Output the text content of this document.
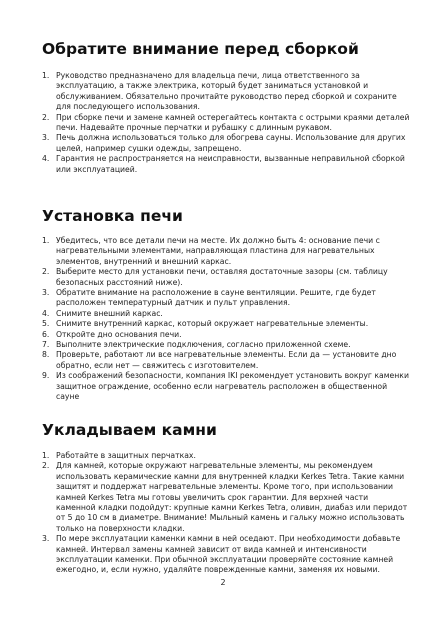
Обратите внимание перед сборкой
1. Руководство предназначено для владельца печи, лица ответственного за эксплуатацию, а также электрика, который будет заниматься установкой и обслуживанием. Обязательно прочитайте руководство перед сборкой и сохраните для последующего использования.
2. При сборке печи и замене камней остерегайтесь контакта с острыми краями деталей печи. Надевайте прочные перчатки и рубашку с длинным рукавом.
3. Печь должна использоваться только для обогрева сауны. Использование для других целей, например сушки одежды, запрещено.
4. Гарантия не распространяется на неисправности, вызванные неправильной сборкой или эксплуатацией.
Установка печи
1. Убедитесь, что все детали печи на месте. Их должно быть 4: основание печи с нагревательными элементами, направляющая пластина для нагревательных элементов, внутренний и внешний каркас.
2. Выберите место для установки печи, оставляя достаточные зазоры (см. таблицу безопасных расстояний ниже).
3. Обратите внимание на расположение в сауне вентиляции. Решите, где будет расположен температурный датчик и пульт управления.
4. Снимите внешний каркас.
5. Снимите внутренний каркас, который окружает нагревательные элементы.
6. Откройте дно основания печи.
7. Выполните электрические подключения, согласно приложенной схеме.
8. Проверьте, работают ли все нагревательные элементы. Если да — установите дно обратно, если нет — свяжитесь с изготовителем.
9. Из соображений безопасности, компания IKI рекомендует установить вокруг каменки защитное ограждение, особенно если нагреватель расположен в общественной сауне
Укладываем камни
1. Работайте в защитных перчатках.
2. Для камней, которые окружают нагревательные элементы, мы рекомендуем использовать керамические камни для внутренней кладки Kerkes Tetra. Такие камни защитят и поддержат нагревательные элементы. Кроме того, при использовании камней Kerkes Tetra мы готовы увеличить срок гарантии. Для верхней части каменной кладки подойдут: крупные камни Kerkes Tetra, оливин, диабаз или перидот от 5 до 10 см в диаметре. Внимание! Мыльный камень и гальку можно использовать только на поверхности кладки.
3. По мере эксплуатации каменки камни в ней оседают. При необходимости добавьте камней. Интервал замены камней зависит от вида камней и интенсивности эксплуатации каменки. При обычной эксплуатации проверяйте состояние камней ежегодно, и, если нужно, удаляйте поврежденные камни, заменяя их новыми.
2
